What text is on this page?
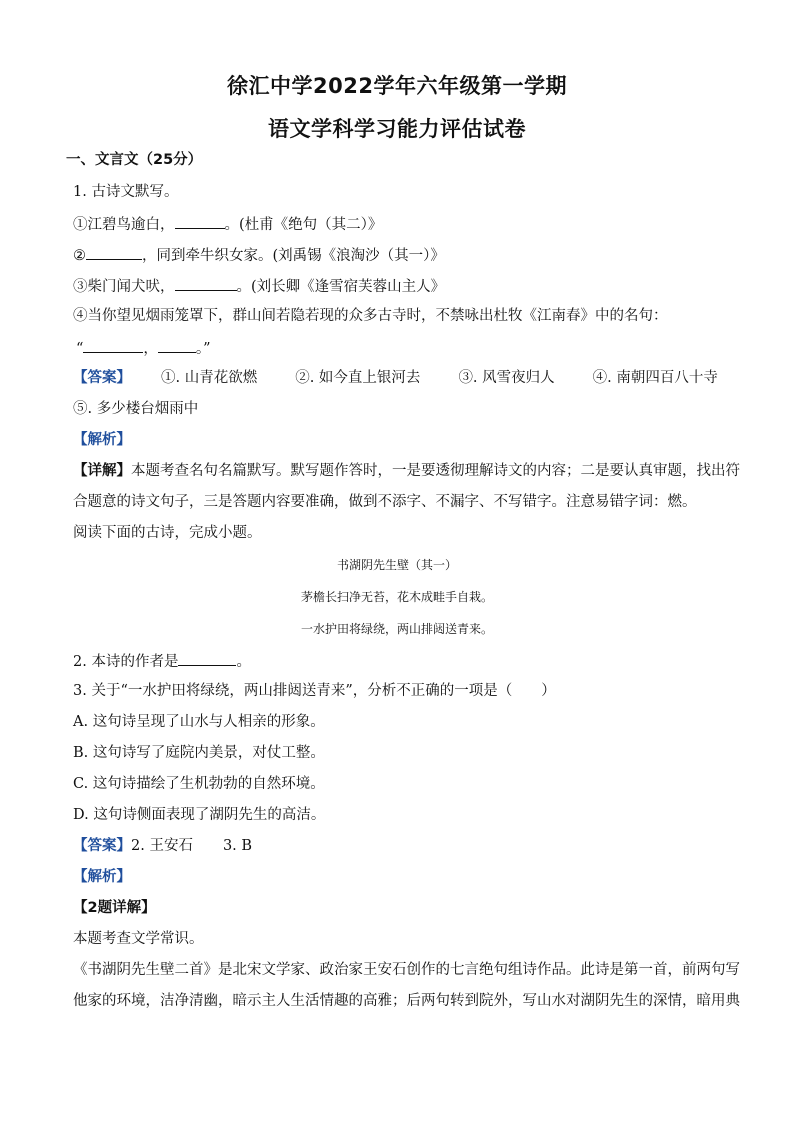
徐汇中学2022学年六年级第一学期
语文学科学习能力评估试卷
一、文言文（25分）
1. 古诗文默写。
①江碧鸟逾白，	。(杜甫《绝句（其二）》
②	，同到牵牛织女家。(刘禹锡《浪淘沙（其一）》
③柴门闻犬吠，	。(刘长卿《逢雪宿芙蓉山主人》
④当你望见烟雨笼罩下，群山间若隐若现的众多古寺时，不禁咏出杜牧《江南春》中的名句：
“	，	。”
【答案】 ①. 山青花欲燃	②. 如今直上银河去	③. 风雪夜归人	④. 南朝四百八十寺
⑤. 多少楼台烟雨中
【解析】
【详解】本题考查名句名篇默写。默写题作答时，一是要透彻理解诗文的内容；二是要认真审题，找出符
合题意的诗文句子，三是答题内容要准确，做到不添字、不漏字、不写错字。注意易错字词：燃。
阅读下面的古诗，完成小题。
书湖阴先生壁（其一）
茅檐长扫净无苔，花木成畦手自栽。
一水护田将绿绕，两山排闼送青来。
2. 本诗的作者是	。
3. 关于“一水护田将绿绕，两山排闼送青来”，分析不正确的一项是（　　）
A. 这句诗呈现了山水与人相亲的形象。
B. 这句诗写了庭院内美景，对仗工整。
C. 这句诗描绘了生机勃勃的自然环境。
D. 这句诗侧面表现了湖阴先生的高洁。
【答案】2. 王安石 3. B
【解析】
【2题详解】
本题考查文学常识。
《书湖阴先生壁二首》是北宋文学家、政治家王安石创作的七言绝句组诗作品。此诗是第一首，前两句写
他家的环境，洁净清幽，暗示主人生活情趣的高雅；后两句转到院外，写山水对湖阴先生的深情，暗用典
